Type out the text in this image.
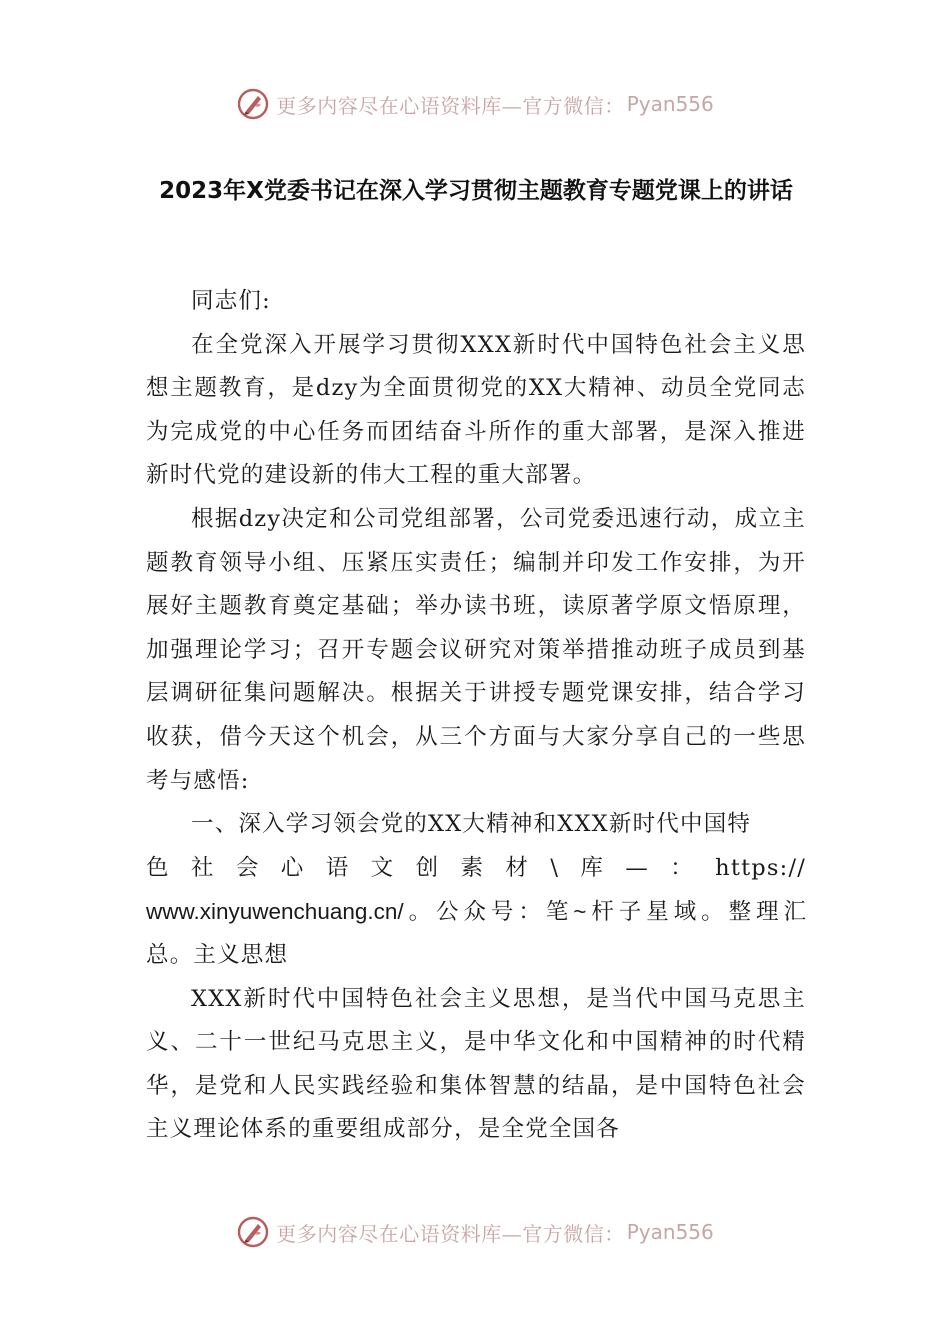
更多内容尽在心语资料库—官方微信： Pyan556
2023年X党委书记在深入学习贯彻主题教育专题党课上的讲话

同志们:

在全党深入开展学习贯彻XXX新时代中国特色社会主义思想主题教育，是dzy为全面贯彻党的XX大精神、动员全党同志为完成党的中心任务而团结奋斗所作的重大部署，是深入推进新时代党的建设新的伟大工程的重大部署。

根据dzy决定和公司党组部署，公司党委迅速行动，成立主题教育领导小组、压紧压实责任；编制并印发工作安排，为开展好主题教育奠定基础；举办读书班，读原著学原文悟原理，加强理论学习；召开专题会议研究对策举措推动班子成员到基层调研征集问题解决。根据关于讲授专题党课安排，结合学习收获，借今天这个机会，从三个方面与大家分享自己的一些思考与感悟:

一、深入学习领会党的XX大精神和XXX新时代中国特

色社会心语文创素材\库—：https://

www.xinyuwenchuang.cn/。公众号：笔~杆子星域。整理汇

总。主义思想

XXX新时代中国特色社会主义思想，是当代中国马克思主义、二十一世纪马克思主义，是中华文化和中国精神的时代精华，是党和人民实践经验和集体智慧的结晶，是中国特色社会主义理论体系的重要组成部分，是全党全国各

更多内容尽在心语资料库—官方微信： Pyan556
